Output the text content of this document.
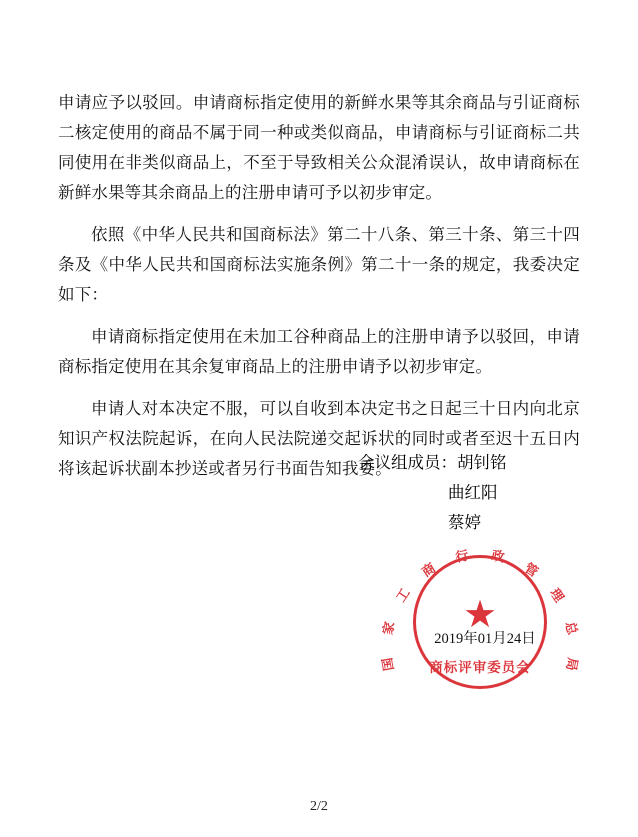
申请应予以驳回。申请商标指定使用的新鲜水果等其余商品与引证商标二核定使用的商品不属于同一种或类似商品，申请商标与引证商标二共同使用在非类似商品上，不至于导致相关公众混淆误认，故申请商标在新鲜水果等其余商品上的注册申请可予以初步审定。

依照《中华人民共和国商标法》第二十八条、第三十条、第三十四条及《中华人民共和国商标法实施条例》第二十一条的规定，我委决定如下：

申请商标指定使用在未加工谷种商品上的注册申请予以驳回，申请商标指定使用在其余复审商品上的注册申请予以初步审定。

申请人对本决定不服，可以自收到本决定书之日起三十日内向北京知识产权法院起诉，在向人民法院递交起诉状的同时或者至迟十五日内将该起诉状副本抄送或者另行书面告知我委。

合议组成员：胡钊铭
曲红阳
蔡婷
国
家
工
商
行 政
管
理
总
局
★
商标评审委员会
2019年01月24日
2/2
